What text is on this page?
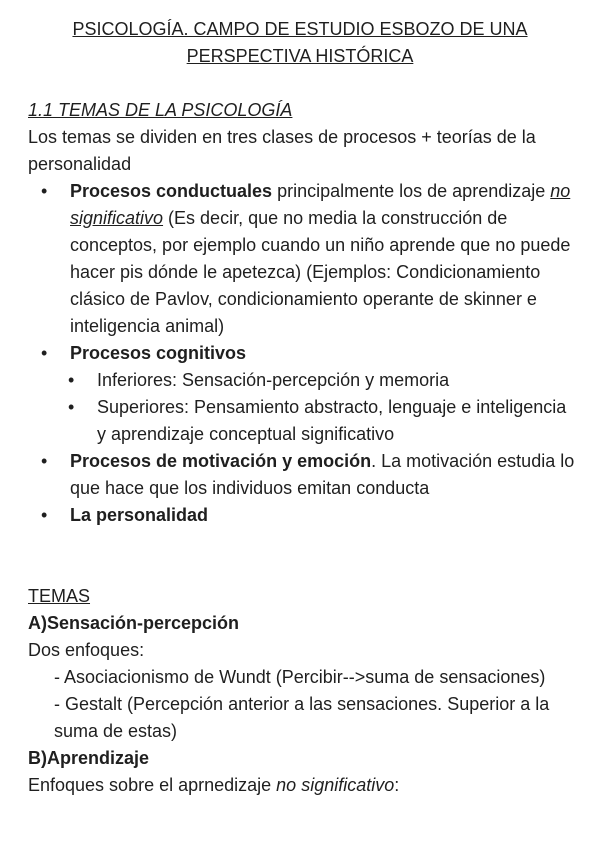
PSICOLOGÍA. CAMPO DE ESTUDIO ESBOZO DE UNA
PERSPECTIVA HISTÓRICA
1.1 TEMAS DE LA PSICOLOGÍA
Los temas se dividen en tres clases de procesos + teorías de la personalidad
• Procesos conductuales principalmente los de aprendizaje no significativo (Es decir, que no media la construcción de conceptos, por ejemplo cuando un niño aprende que no puede hacer pis dónde le apetezca) (Ejemplos: Condicionamiento clásico de Pavlov, condicionamiento operante de skinner e inteligencia animal)
• Procesos cognitivos
• Inferiores: Sensación-percepción y memoria
• Superiores: Pensamiento abstracto, lenguaje e inteligencia y aprendizaje conceptual significativo
• Procesos de motivación y emoción. La motivación estudia lo que hace que los individuos emitan conducta
• La personalidad
TEMAS
A)Sensación-percepción
Dos enfoques:
- Asociacionismo de Wundt (Percibir-->suma de sensaciones)
- Gestalt (Percepción anterior a las sensaciones. Superior a la suma de estas)
B)Aprendizaje
Enfoques sobre el aprnedizaje no significativo:
